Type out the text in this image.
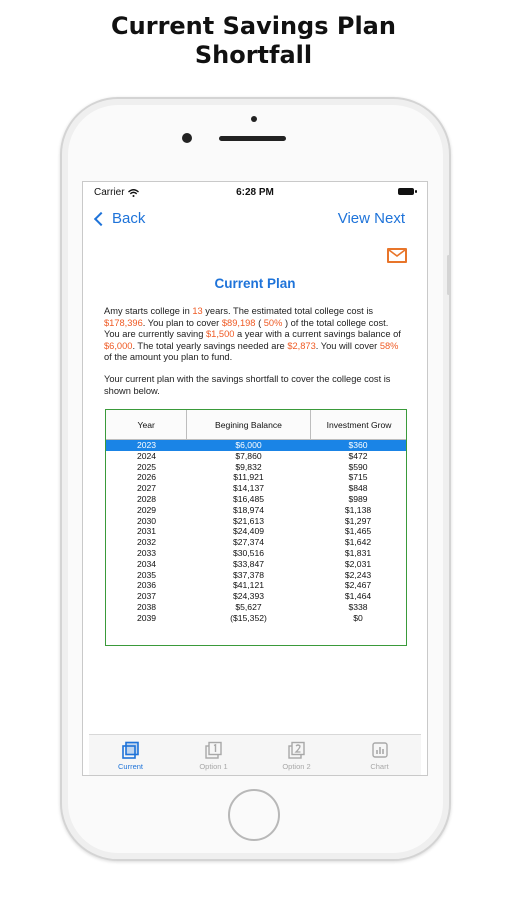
Current Savings Plan
Shortfall
Carrier	6:28 PM
Back	View Next
Current Plan
Amy starts college in 13 years. The estimated total college cost is $178,396. You plan to cover $89,198 ( 50% ) of the total college cost. You are currently saving $1,500 a year with a current savings balance of $6,000. The total yearly savings needed are $2,873. You will cover 58% of the amount you plan to fund.
Your current plan with the savings shortfall to cover the college cost is shown below.
Year	Begining Balance	Investment Grow
2023	$6,000	$360
2024	$7,860	$472
2025	$9,832	$590
2026	$11,921	$715
2027	$14,137	$848
2028	$16,485	$989
2029	$18,974	$1,138
2030	$21,613	$1,297
2031	$24,409	$1,465
2032	$27,374	$1,642
2033	$30,516	$1,831
2034	$33,847	$2,031
2035	$37,378	$2,243
2036	$41,121	$2,467
2037	$24,393	$1,464
2038	$5,627	$338
2039	($15,352)	$0
Current	Option 1	Option 2	Chart
